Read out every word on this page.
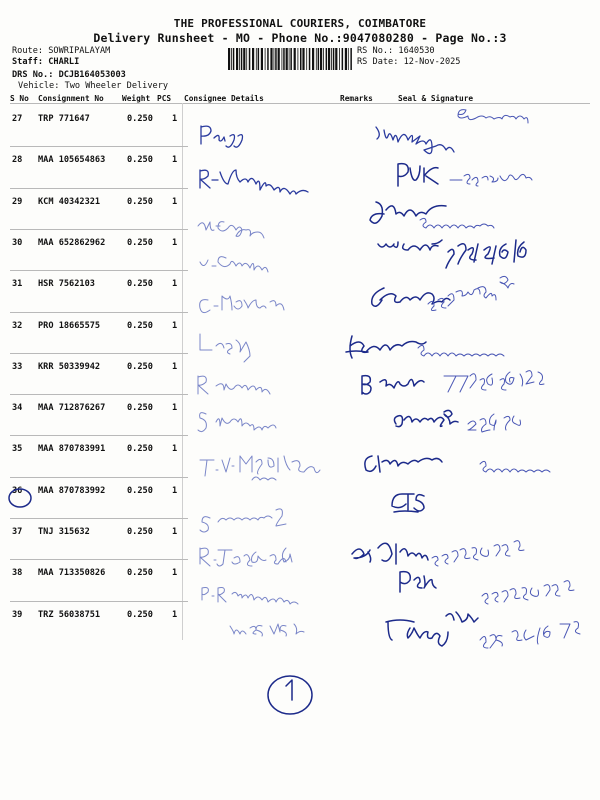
THE PROFESSIONAL COURIERS, COIMBATORE
Delivery Runsheet - MO - Phone No.:9047080280 - Page No.:3
Route: SOWRIPALAYAM
Staff: CHARLI
DRS No.: DCJB164053003
Vehicle: Two Wheeler Delivery
RS No.: 1640530
RS Date: 12-Nov-2025
S No Consignment No Weight PCS Consignee Details	Remarks	Seal & Signature
27 TRP 771647	0.250 1
28 MAA 105654863	0.250 1
29 KCM 40342321	0.250 1
30 MAA 652862962	0.250 1
31 HSR 7562103	0.250 1
32 PRO 18665575	0.250 1
33 KRR 50339942	0.250 1
34 MAA 712876267	0.250 1
35 MAA 870783991	0.250 1
36 MAA 870783992	0.250 1
37 TNJ 315632	0.250 1
38 MAA 713350826	0.250 1
39 TRZ 56038751	0.250 1
